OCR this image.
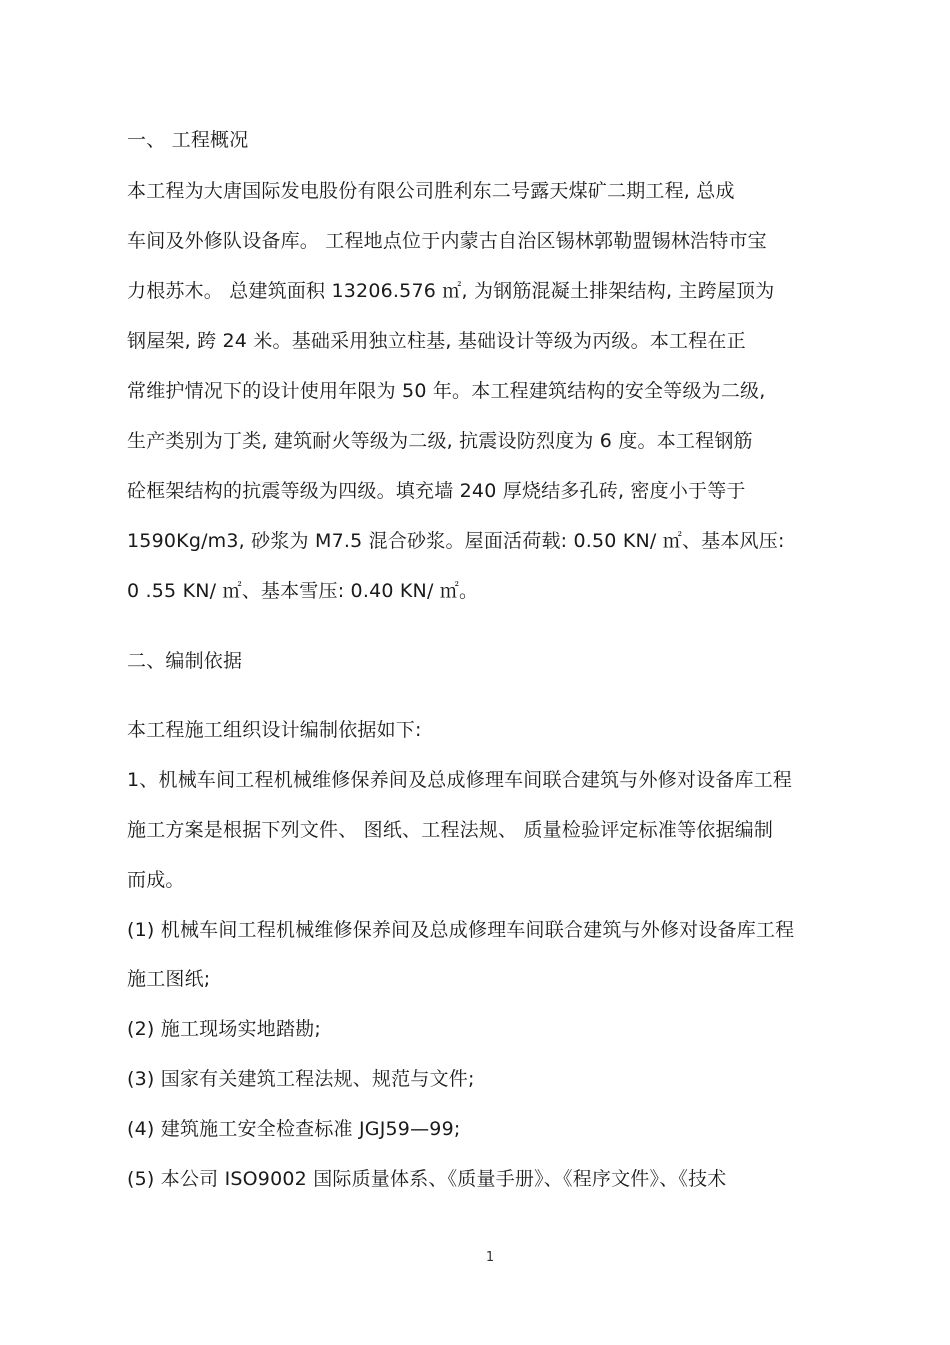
一、 工程概况
本工程为大唐国际发电股份有限公司胜利东二号露天煤矿二期工程, 总成
车间及外修队设备库。 工程地点位于内蒙古自治区锡林郭勒盟锡林浩特市宝
力根苏木。 总建筑面积 13206.576 ㎡, 为钢筋混凝土排架结构, 主跨屋顶为
钢屋架, 跨 24 米。基础采用独立柱基, 基础设计等级为丙级。本工程在正
常维护情况下的设计使用年限为 50 年。本工程建筑结构的安全等级为二级,
生产类别为丁类, 建筑耐火等级为二级, 抗震设防烈度为 6 度。本工程钢筋
砼框架结构的抗震等级为四级。填充墙 240 厚烧结多孔砖, 密度小于等于
1590Kg/m3, 砂浆为 M7.5 混合砂浆。屋面活荷载: 0.50 KN/ ㎡、基本风压:
0 .55 KN/ ㎡、基本雪压: 0.40 KN/ ㎡。
二、编制依据
本工程施工组织设计编制依据如下:
1、机械车间工程机械维修保养间及总成修理车间联合建筑与外修对设备库工程
施工方案是根据下列文件、 图纸、工程法规、 质量检验评定标准等依据编制
而成。
(1) 机械车间工程机械维修保养间及总成修理车间联合建筑与外修对设备库工程
施工图纸;
(2) 施工现场实地踏勘;
(3) 国家有关建筑工程法规、规范与文件;
(4) 建筑施工安全检查标准 JGJ59—99;
(5) 本公司 ISO9002 国际质量体系、《质量手册》、《程序文件》、《技术
1
